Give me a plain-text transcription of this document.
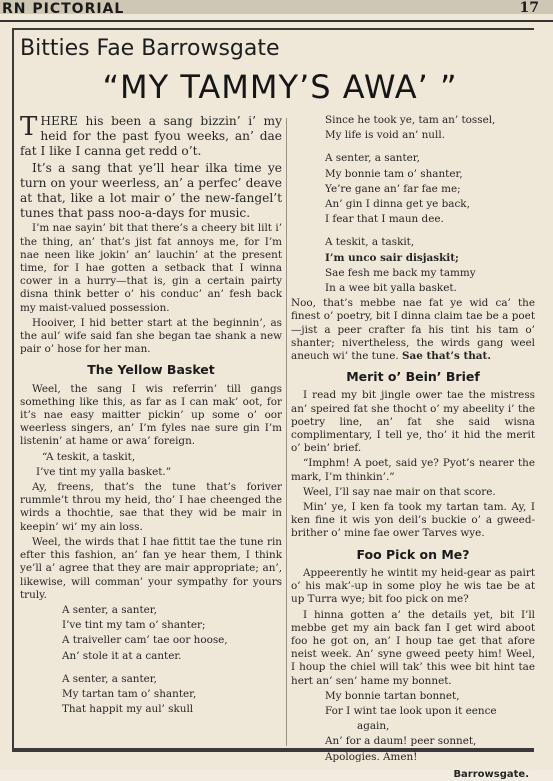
RN PICTORIAL	17
Bitties Fae Barrowsgate
“MY TAMMY’S AWA’ ”

THERE his been a sang bizzin’ i’ my heid for the past fyou weeks, an’ dae fat I like I canna get redd o’t.

It’s a sang that ye’ll hear ilka time ye turn on your weerless, an’ a perfec’ deave at that, like a lot mair o’ the new-fangel’t tunes that pass noo-a-days for music.

I’m nae sayin’ bit that there’s a cheery bit lilt i’ the thing, an’ that’s jist fat annoys me, for I’m nae neen like jokin’ an’ lauchin’ at the present time, for I hae gotten a setback that I winna cower in a hurry—that is, gin a certain pairty disna think better o’ his conduc’ an’ fesh back my maist-valued possession.

Hooiver, I hid better start at the beginnin’, as the aul’ wife said fan she began tae shank a new pair o’ hose for her man.

The Yellow Basket

Weel, the sang I wis referrin’ till gangs something like this, as far as I can mak’ oot, for it’s nae easy maitter pickin’ up some o’ oor weerless singers, an’ I’m fyles nae sure gin I’m listenin’ at hame or awa’ foreign.

“A teskit, a taskit,

I’ve tint my yalla basket.”

Ay, freens, that’s the tune that’s foriver rummle’t throu my heid, tho’ I hae cheenged the wirds a thochtie, sae that they wid be mair in keepin’ wi’ my ain loss.

Weel, the wirds that I hae fittit tae the tune rin efter this fashion, an’ fan ye hear them, I think ye’ll a’ agree that they are mair appropriate; an’, likewise, will comman’ your sympathy for yours truly.

A senter, a santer,

I’ve tint my tam o’ shanter;

A traiveller cam’ tae oor hoose,

An’ stole it at a canter.

A senter, a santer,

My tartan tam o’ shanter,

That happit my aul’ skull

Since he took ye, tam an’ tossel,

My life is void an’ null.

A senter, a santer,

My bonnie tam o’ shanter,

Ye’re gane an’ far fae me;

An’ gin I dinna get ye back,

I fear that I maun dee.

A teskit, a taskit,

I’m unco sair disjaskit;

Sae fesh me back my tammy

In a wee bit yalla basket.

Noo, that’s mebbe nae fat ye wid ca’ the finest o’ poetry, bit I dinna claim tae be a poet—jist a peer crafter fa his tint his tam o’ shanter; nivertheless, the wirds gang weel aneuch wi’ the tune. Sae that’s that.

Merit o’ Bein’ Brief

I read my bit jingle ower tae the mistress an’ speired fat she thocht o’ my abeelity i’ the poetry line, an’ fat she said wisna complimentary, I tell ye, tho’ it hid the merit o’ bein’ brief.

“Imphm! A poet, said ye? Pyot’s nearer the mark, I’m thinkin’.”

Weel, I’ll say nae mair on that score.

Min’ ye, I ken fa took my tartan tam. Ay, I ken fine it wis yon deil’s buckie o’ a gweed-brither o’ mine fae ower Tarves wye.

Foo Pick on Me?

Appeerently he wintit my heid-gear as pairt o’ his mak’-up in some ploy he wis tae be at up Turra wye; bit foo pick on me?

I hinna gotten a’ the details yet, bit I’ll mebbe get my ain back fan I get wird aboot foo he got on, an’ I houp tae get that afore neist week. An’ syne gweed peety him! Weel, I houp the chiel will tak’ this wee bit hint tae hert an’ sen’ hame my bonnet.

My bonnie tartan bonnet,

For I wint tae look upon it eence

again,

An’ for a daum! peer sonnet,

Apologies. Amen!

Barrowsgate.
